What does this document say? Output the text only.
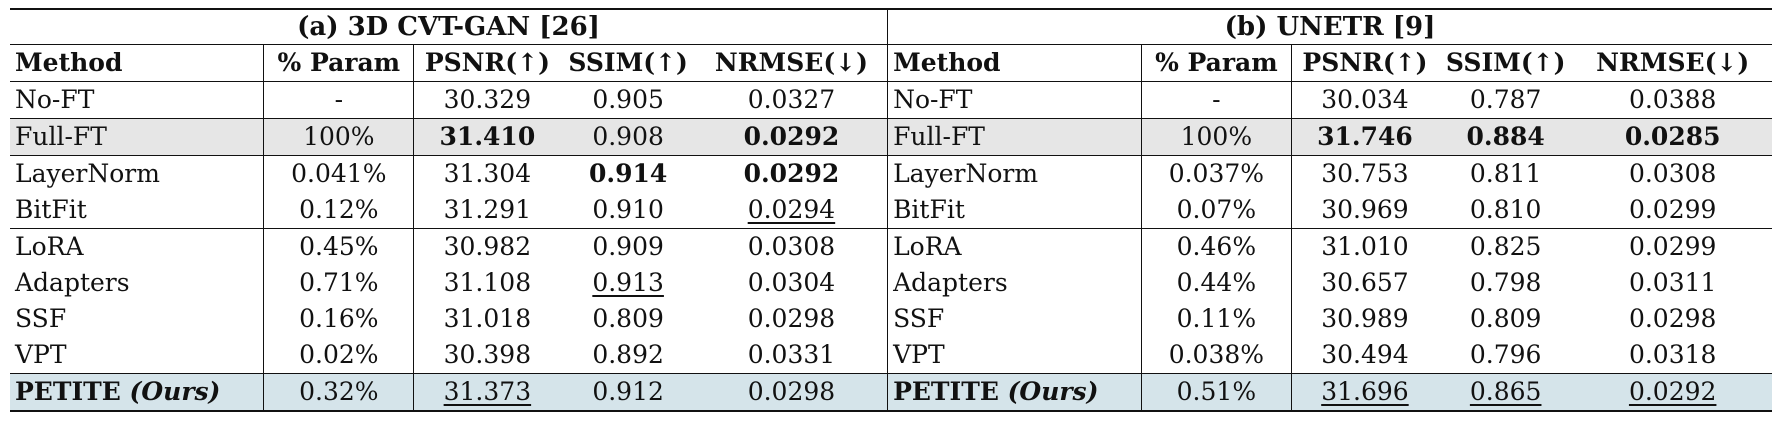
(a) 3D CVT-GAN [26]					(b) UNETR [9]				
Method	% Param	PSNR(↑)	SSIM(↑)	NRMSE(↓)	Method	% Param	PSNR(↑)	SSIM(↑)	NRMSE(↓)
No-FT	-	30.329	0.905	0.0327	No-FT	-	30.034	0.787	0.0388
Full-FT	100%	31.410	0.908	0.0292	Full-FT	100%	31.746	0.884	0.0285
LayerNorm	0.041%	31.304	0.914	0.0292	LayerNorm	0.037%	30.753	0.811	0.0308
BitFit	0.12%	31.291	0.910	0.0294	BitFit	0.07%	30.969	0.810	0.0299
LoRA	0.45%	30.982	0.909	0.0308	LoRA	0.46%	31.010	0.825	0.0299
Adapters	0.71%	31.108	0.913	0.0304	Adapters	0.44%	30.657	0.798	0.0311
SSF	0.16%	31.018	0.809	0.0298	SSF	0.11%	30.989	0.809	0.0298
VPT	0.02%	30.398	0.892	0.0331	VPT	0.038%	30.494	0.796	0.0318
PETITE (Ours)	0.32%	31.373	0.912	0.0298	PETITE (Ours)	0.51%	31.696	0.865	0.0292
